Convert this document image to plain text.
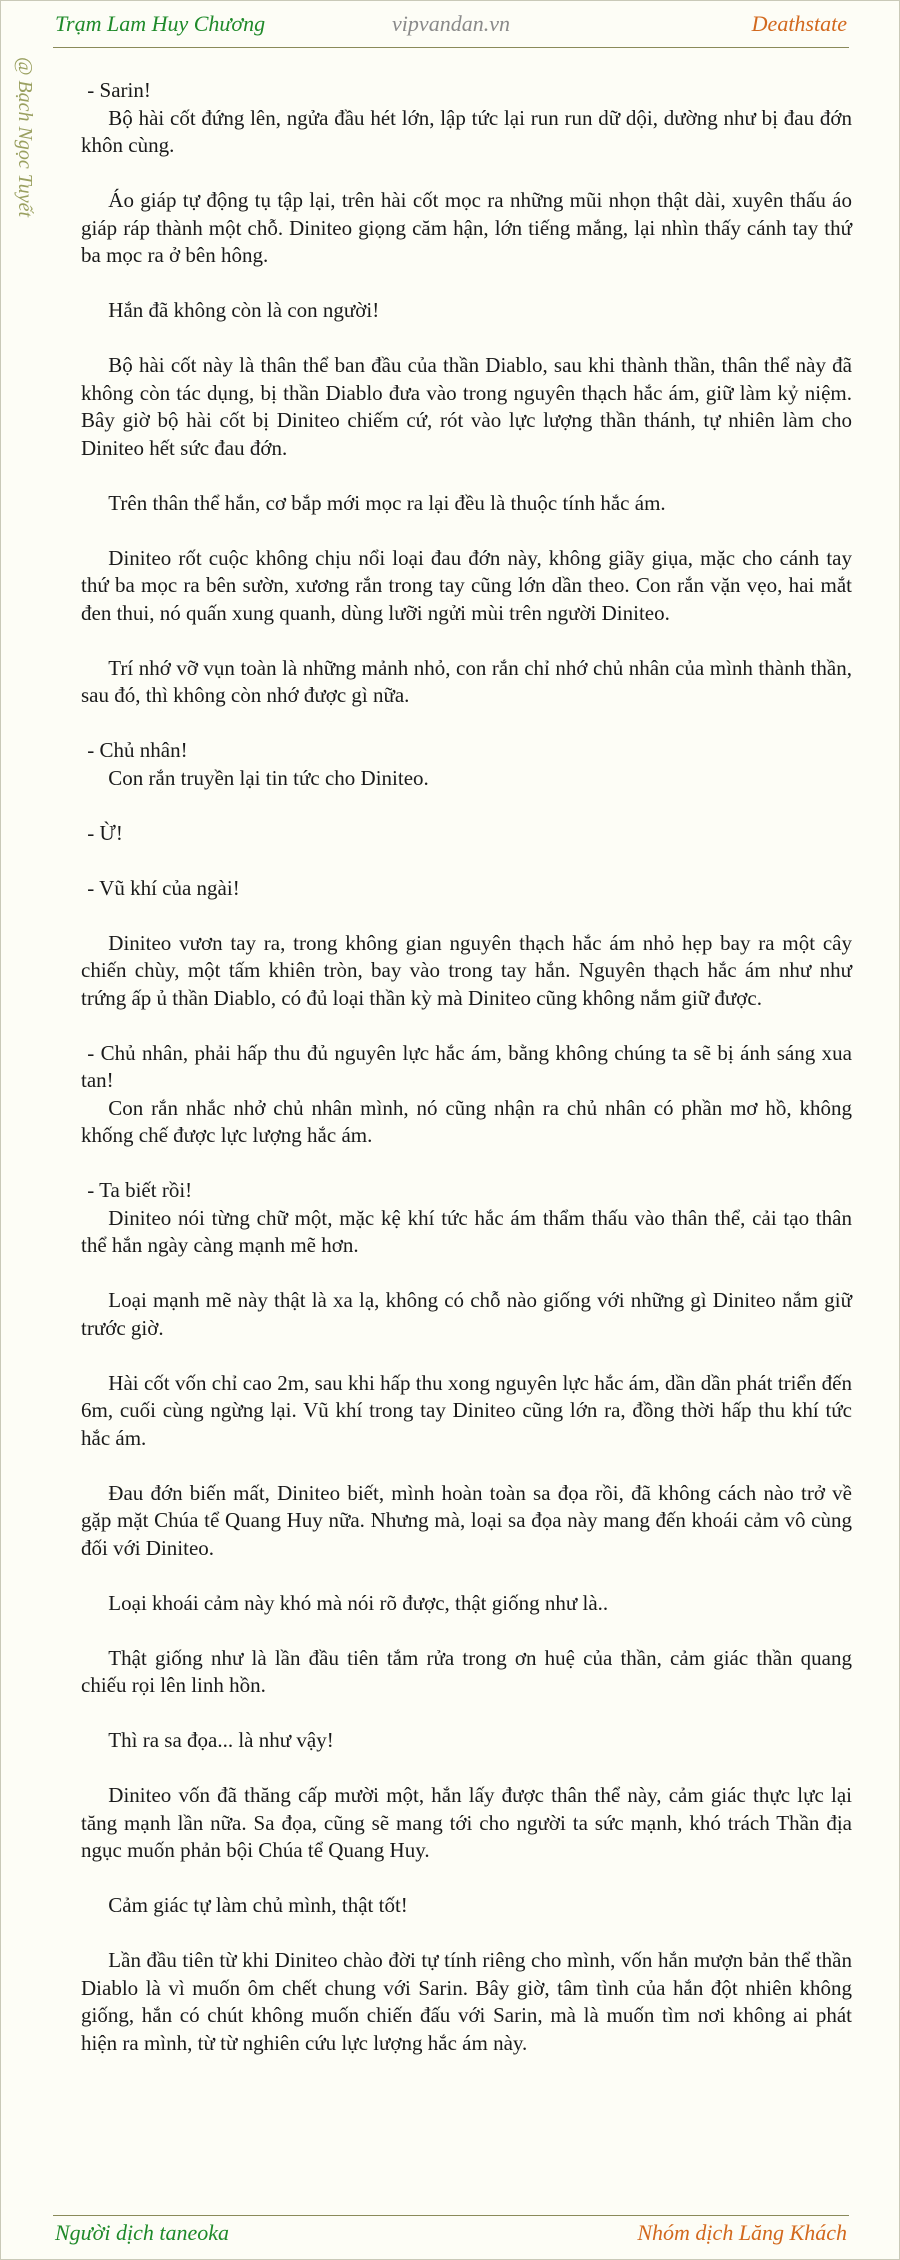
Trạm Lam Huy Chương	vipvandan.vn	Deathstate
@ Bạch Ngọc Tuyết - Sarin!
Bộ hài cốt đứng lên, ngửa đầu hét lớn, lập tức lại run run dữ dội, dường như bị đau đớn khôn cùng.

Áo giáp tự động tụ tập lại, trên hài cốt mọc ra những mũi nhọn thật dài, xuyên thấu áo giáp ráp thành một chỗ. Diniteo giọng căm hận, lớn tiếng mắng, lại nhìn thấy cánh tay thứ ba mọc ra ở bên hông.

Hắn đã không còn là con người!

Bộ hài cốt này là thân thể ban đầu của thần Diablo, sau khi thành thần, thân thể này đã không còn tác dụng, bị thần Diablo đưa vào trong nguyên thạch hắc ám, giữ làm kỷ niệm. Bây giờ bộ hài cốt bị Diniteo chiếm cứ, rót vào lực lượng thần thánh, tự nhiên làm cho Diniteo hết sức đau đớn.

Trên thân thể hắn, cơ bắp mới mọc ra lại đều là thuộc tính hắc ám.

Diniteo rốt cuộc không chịu nổi loại đau đớn này, không giãy giụa, mặc cho cánh tay thứ ba mọc ra bên sườn, xương rắn trong tay cũng lớn dần theo. Con rắn vặn vẹo, hai mắt đen thui, nó quấn xung quanh, dùng lưỡi ngửi mùi trên người Diniteo.

Trí nhớ vỡ vụn toàn là những mảnh nhỏ, con rắn chỉ nhớ chủ nhân của mình thành thần, sau đó, thì không còn nhớ được gì nữa.

- Chủ nhân!
Con rắn truyền lại tin tức cho Diniteo.

- Ừ!

- Vũ khí của ngài!

Diniteo vươn tay ra, trong không gian nguyên thạch hắc ám nhỏ hẹp bay ra một cây chiến chùy, một tấm khiên tròn, bay vào trong tay hắn. Nguyên thạch hắc ám như như trứng ấp ủ thần Diablo, có đủ loại thần kỳ mà Diniteo cũng không nắm giữ được.

- Chủ nhân, phải hấp thu đủ nguyên lực hắc ám, bằng không chúng ta sẽ bị ánh sáng xua tan!
Con rắn nhắc nhở chủ nhân mình, nó cũng nhận ra chủ nhân có phần mơ hồ, không khống chế được lực lượng hắc ám.

- Ta biết rồi!
Diniteo nói từng chữ một, mặc kệ khí tức hắc ám thẩm thấu vào thân thể, cải tạo thân thể hắn ngày càng mạnh mẽ hơn.

Loại mạnh mẽ này thật là xa lạ, không có chỗ nào giống với những gì Diniteo nắm giữ trước giờ.

Hài cốt vốn chỉ cao 2m, sau khi hấp thu xong nguyên lực hắc ám, dần dần phát triển đến 6m, cuối cùng ngừng lại. Vũ khí trong tay Diniteo cũng lớn ra, đồng thời hấp thu khí tức hắc ám.

Đau đớn biến mất, Diniteo biết, mình hoàn toàn sa đọa rồi, đã không cách nào trở về gặp mặt Chúa tể Quang Huy nữa. Nhưng mà, loại sa đọa này mang đến khoái cảm vô cùng đối với Diniteo.

Loại khoái cảm này khó mà nói rõ được, thật giống như là..

Thật giống như là lần đầu tiên tắm rửa trong ơn huệ của thần, cảm giác thần quang chiếu rọi lên linh hồn.

Thì ra sa đọa... là như vậy!

Diniteo vốn đã thăng cấp mười một, hắn lấy được thân thể này, cảm giác thực lực lại tăng mạnh lần nữa. Sa đọa, cũng sẽ mang tới cho người ta sức mạnh, khó trách Thần địa ngục muốn phản bội Chúa tể Quang Huy.

Cảm giác tự làm chủ mình, thật tốt!

Lần đầu tiên từ khi Diniteo chào đời tự tính riêng cho mình, vốn hắn mượn bản thể thần Diablo là vì muốn ôm chết chung với Sarin. Bây giờ, tâm tình của hắn đột nhiên không giống, hắn có chút không muốn chiến đấu với Sarin, mà là muốn tìm nơi không ai phát hiện ra mình, từ từ nghiên cứu lực lượng hắc ám này.

Người dịch taneoka	Nhóm dịch Lăng Khách
